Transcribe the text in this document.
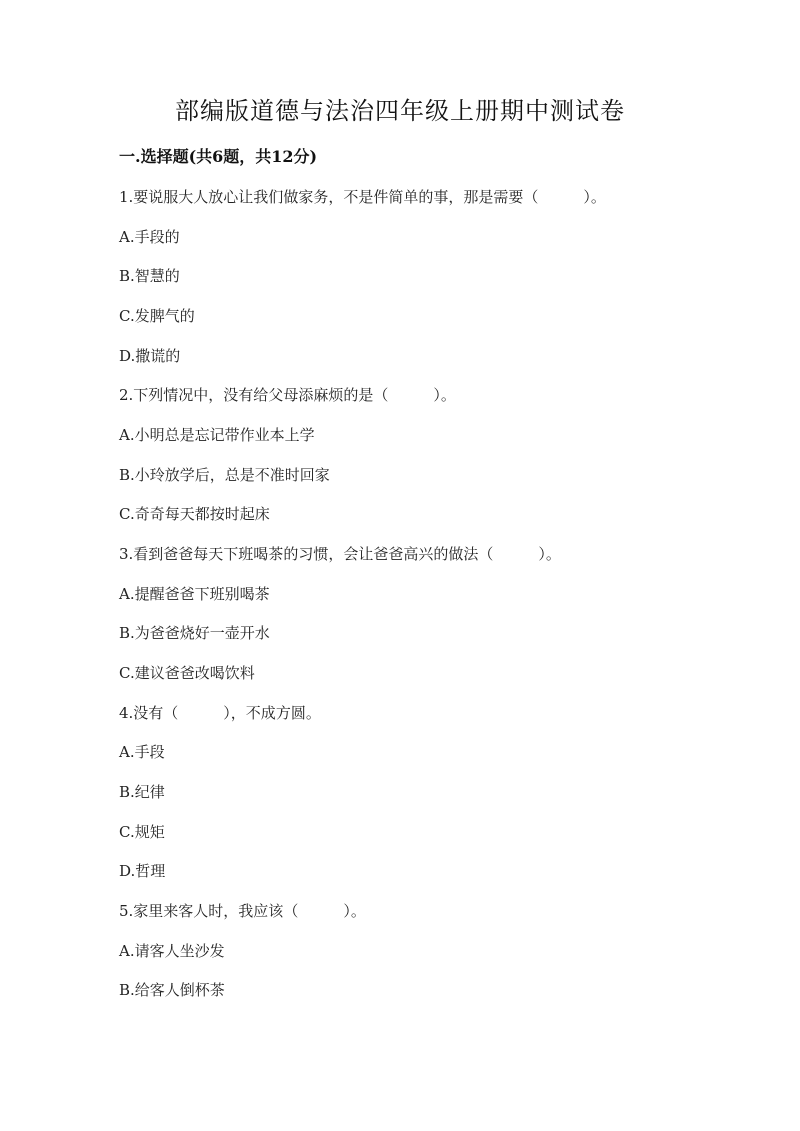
部编版道德与法治四年级上册期中测试卷
一.选择题(共6题，共12分)
1.要说服大人放心让我们做家务，不是件简单的事，那是需要（　　　）。
A.手段的
B.智慧的
C.发脾气的
D.撒谎的
2.下列情况中，没有给父母添麻烦的是（　　　）。
A.小明总是忘记带作业本上学
B.小玲放学后，总是不准时回家
C.奇奇每天都按时起床
3.看到爸爸每天下班喝茶的习惯，会让爸爸高兴的做法（　　　）。
A.提醒爸爸下班别喝茶
B.为爸爸烧好一壶开水
C.建议爸爸改喝饮料
4.没有（　　　），不成方圆。
A.手段
B.纪律
C.规矩
D.哲理
5.家里来客人时，我应该（　　　）。
A.请客人坐沙发
B.给客人倒杯茶
